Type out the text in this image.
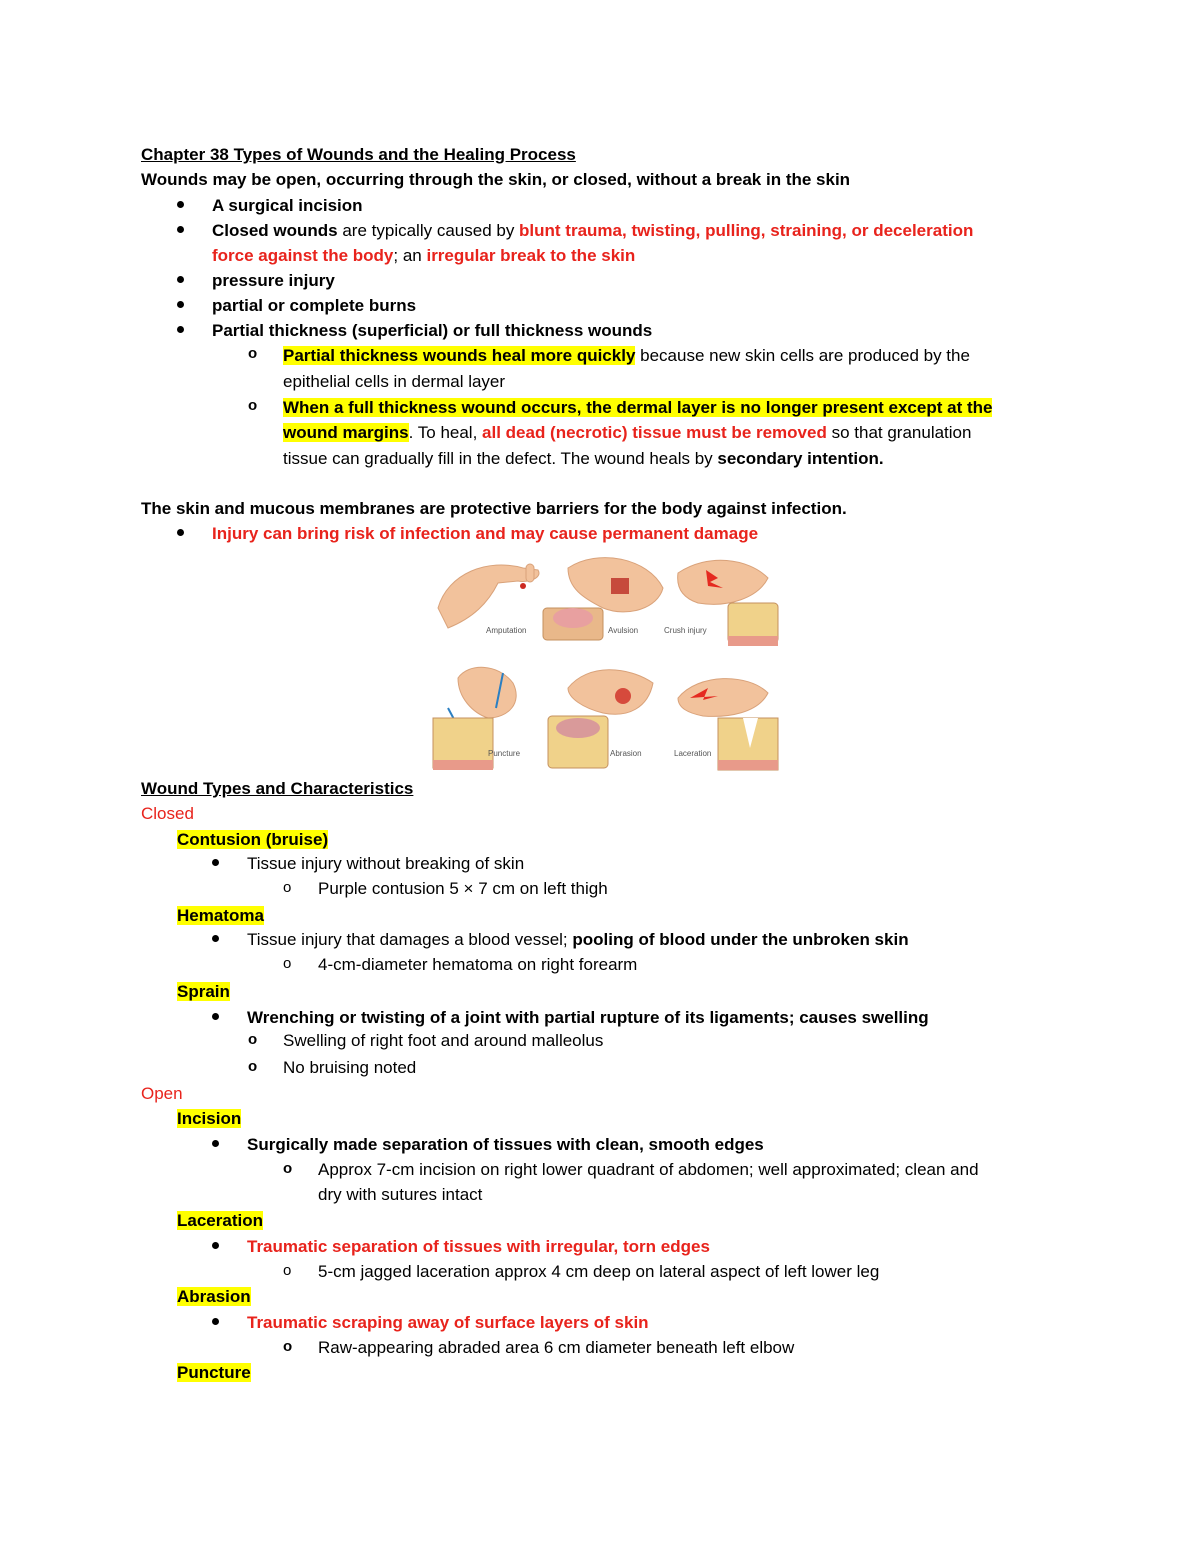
Chapter 38 Types of Wounds and the Healing Process
Wounds may be open, occurring through the skin, or closed, without a break in the skin
A surgical incision
Closed wounds are typically caused by blunt trauma, twisting, pulling, straining, or deceleration
force against the body; an irregular break to the skin
pressure injury
partial or complete burns
Partial thickness (superficial) or full thickness wounds
o Partial thickness wounds heal more quickly because new skin cells are produced by the
epithelial cells in dermal layer
o When a full thickness wound occurs, the dermal layer is no longer present except at the
wound margins. To heal, all dead (necrotic) tissue must be removed so that granulation
tissue can gradually fill in the defect. The wound heals by secondary intention.
The skin and mucous membranes are protective barriers for the body against infection.
Injury can bring risk of infection and may cause permanent damage
Amputation	Avulsion	Crush injury
Puncture	Abrasion	Laceration
Wound Types and Characteristics
Closed
Contusion (bruise)
Tissue injury without breaking of skin
o Purple contusion 5 × 7 cm on left thigh
Hematoma
Tissue injury that damages a blood vessel; pooling of blood under the unbroken skin
o 4-cm-diameter hematoma on right forearm
Sprain
Wrenching or twisting of a joint with partial rupture of its ligaments; causes swelling
o Swelling of right foot and around malleolus
o No bruising noted
Open
Incision
Surgically made separation of tissues with clean, smooth edges
o Approx 7-cm incision on right lower quadrant of abdomen; well approximated; clean and
dry with sutures intact
Laceration
Traumatic separation of tissues with irregular, torn edges
o 5-cm jagged laceration approx 4 cm deep on lateral aspect of left lower leg
Abrasion
Traumatic scraping away of surface layers of skin
o Raw-appearing abraded area 6 cm diameter beneath left elbow
Puncture
